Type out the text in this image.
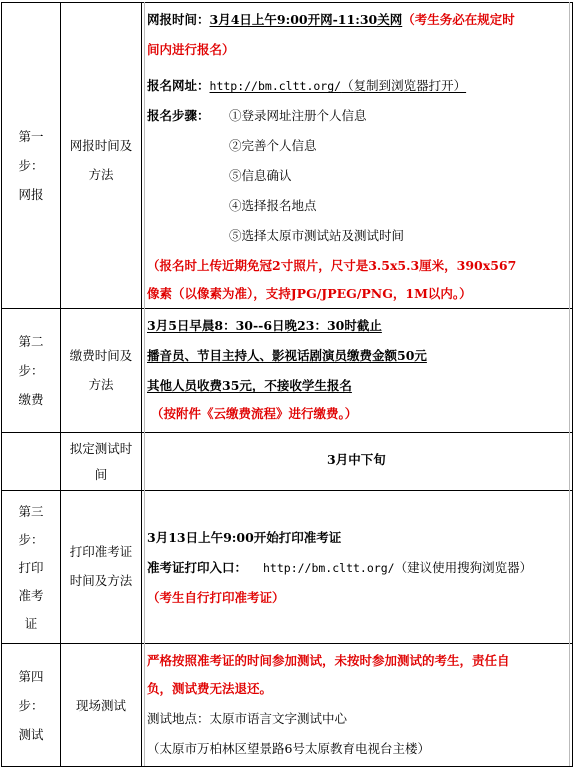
第一
步：
网报
网报时间及
方法
网报时间：3月4日上午9:00开网-11:30关网（考生务必在规定时
间内进行报名）
报名网址：http://bm.cltt.org/（复制到浏览器打开）
报名步骤： ①登录网址注册个人信息
②完善个人信息
⑤信息确认
④选择报名地点
⑤选择太原市测试站及测试时间
（报名时上传近期免冠2寸照片，尺寸是3.5x5.3厘米，390x567
像素（以像素为准），支持JPG/JPEG/PNG，1M以内。）
第二
步：
缴费
缴费时间及
方法
3月5日早晨8：30--6日晚23：30时截止
播音员、节目主持人、影视话剧演员缴费金额50元
其他人员收费35元，不接收学生报名
（按附件《云缴费流程》进行缴费。）
拟定测试时
间
3月中下旬
第三
步：
打印
准考
证
打印准考证
时间及方法
3月13日上午9:00开始打印准考证
准考证打印入口： http://bm.cltt.org/（建议使用搜狗浏览器）
（考生自行打印准考证）
第四
步：
测试
现场测试
严格按照准考证的时间参加测试，未按时参加测试的考生，责任自
负，测试费无法退还。
测试地点：太原市语言文字测试中心
（太原市万柏林区望景路6号太原教育电视台主楼）
